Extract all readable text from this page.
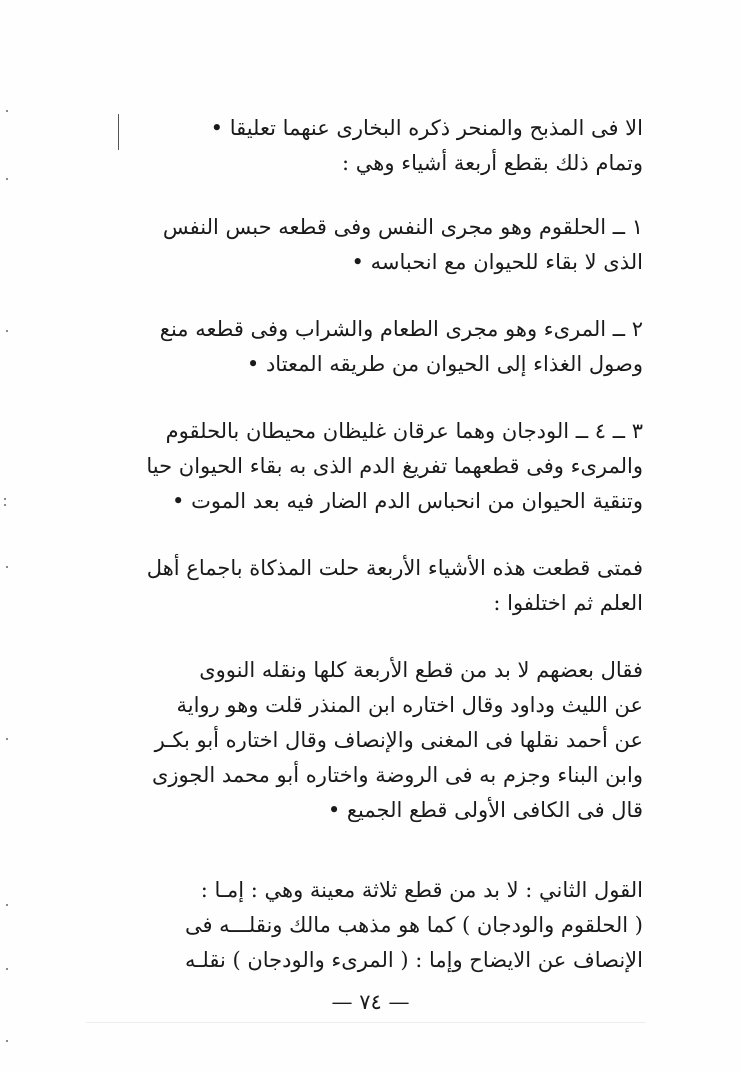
الا فى المذبح والمنحر ذكره البخارى عنهما تعليقا •
وتمام ذلك بقطع أربعة أشياء وهي :
١ ــ الحلقوم وهو مجرى النفس وفى قطعه حبس النفس
الذى لا بقاء للحيوان مع انحباسه •
٢ ــ المرىء وهو مجرى الطعام والشراب وفى قطعه منع
وصول الغذاء إلى الحيوان من طريقه المعتاد •
٣ ــ ٤ ــ الودجان وهما عرقان غليظان محيطان بالحلقوم
والمرىء وفى قطعهما تفريغ الدم الذى به بقاء الحيوان حيا
وتنقية الحيوان من انحباس الدم الضار فيه بعد الموت •
فمتى قطعت هذه الأشياء الأربعة حلت المذكاة باجماع أهل
العلم ثم اختلفوا :
فقال بعضهم لا بد من قطع الأربعة كلها ونقله النووى
عن الليث وداود وقال اختاره ابن المنذر قلت وهو رواية
عن أحمد نقلها فى المغنى والإنصاف وقال اختاره أبو بكـر
وابن البناء وجزم به فى الروضة واختاره أبو محمد الجوزى
قال فى الكافى الأولى قطع الجميع •
القول الثاني : لا بد من قطع ثلاثة معينة وهي : إمـا :
( الحلقوم والودجان ) كما هو مذهب مالك ونقلـــه فى
الإنصاف عن الايضاح وإما : ( المرىء والودجان ) نقلـه
— ٧٤ —
